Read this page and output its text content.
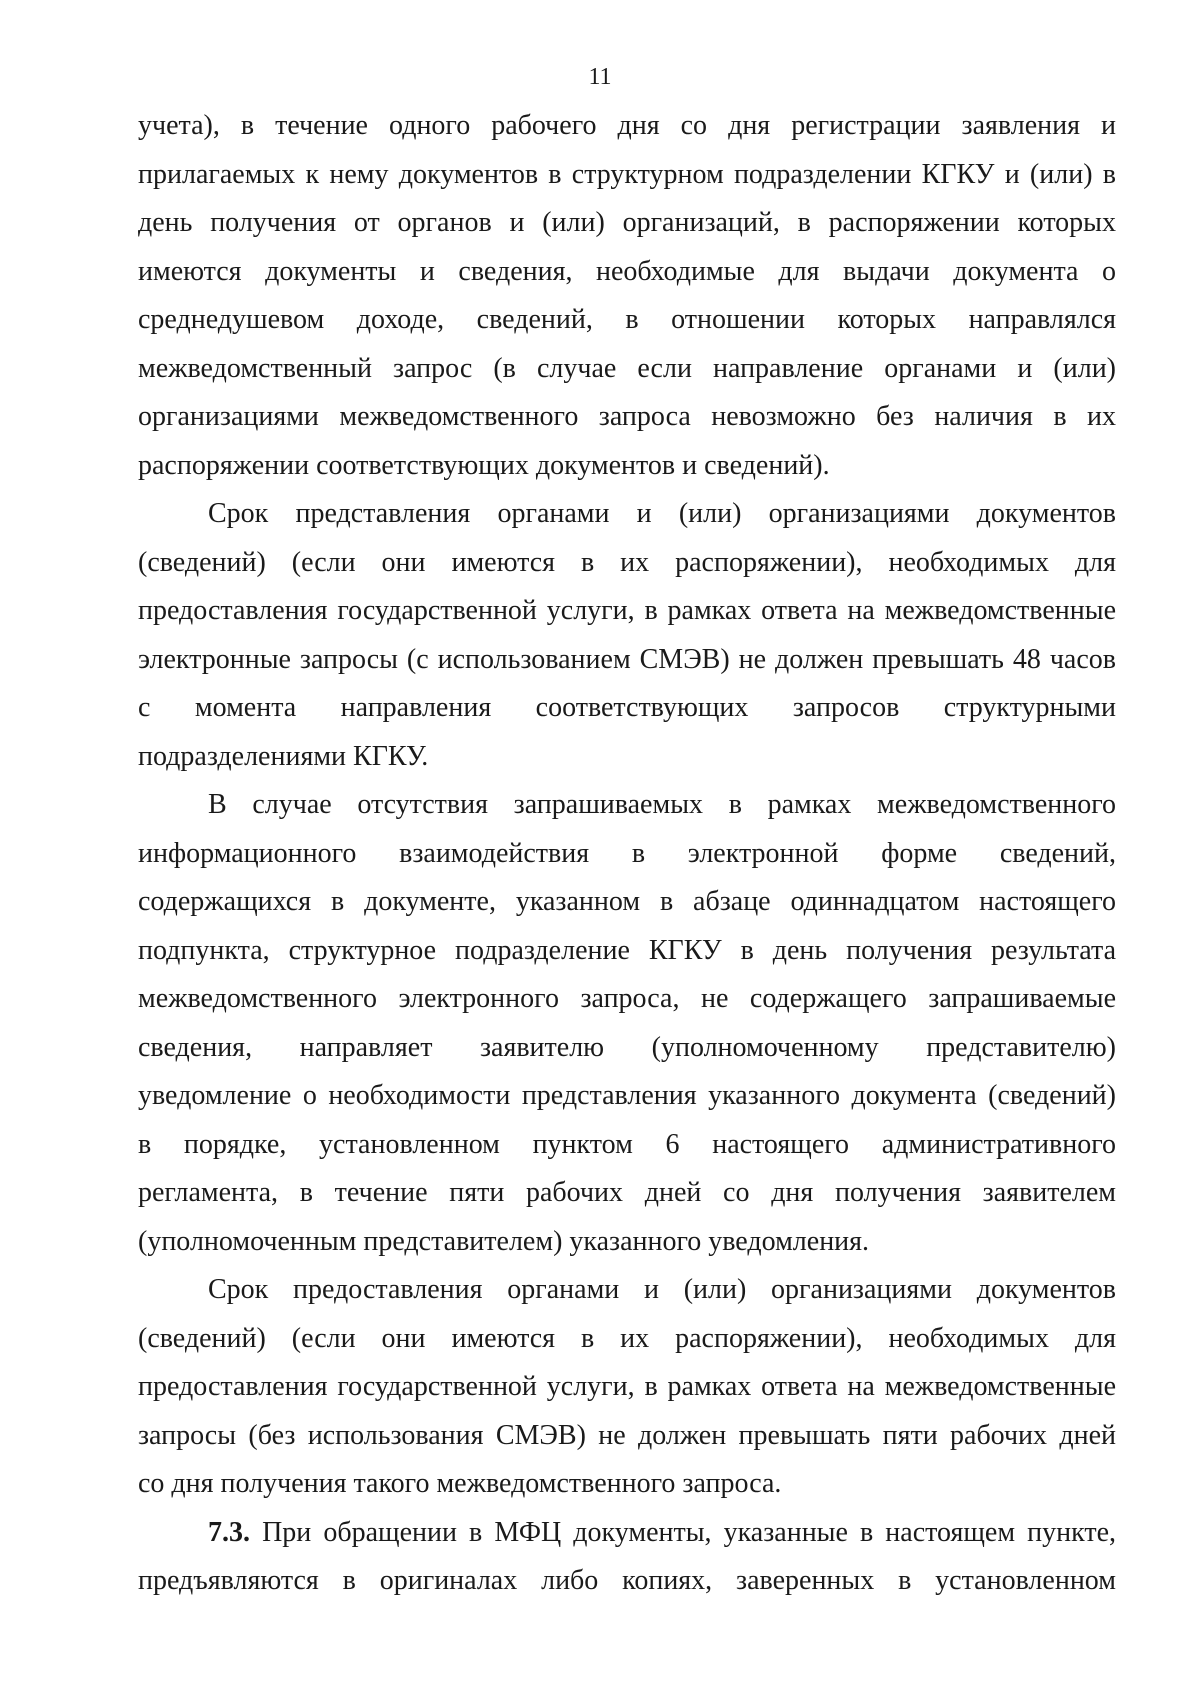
11
учета), в течение одного рабочего дня со дня регистрации заявления и
прилагаемых к нему документов в структурном подразделении КГКУ и (или) в
день получения от органов и (или) организаций, в распоряжении которых
имеются документы и сведения, необходимые для выдачи документа о
среднедушевом доходе, сведений, в отношении которых направлялся
межведомственный запрос (в случае если направление органами и (или)
организациями межведомственного запроса невозможно без наличия в их
распоряжении соответствующих документов и сведений).
Срок представления органами и (или) организациями документов
(сведений) (если они имеются в их распоряжении), необходимых для
предоставления государственной услуги, в рамках ответа на межведомственные
электронные запросы (с использованием СМЭВ) не должен превышать 48 часов
с момента направления соответствующих запросов структурными
подразделениями КГКУ.
В случае отсутствия запрашиваемых в рамках межведомственного
информационного взаимодействия в электронной форме сведений,
содержащихся в документе, указанном в абзаце одиннадцатом настоящего
подпункта, структурное подразделение КГКУ в день получения результата
межведомственного электронного запроса, не содержащего запрашиваемые
сведения, направляет заявителю (уполномоченному представителю)
уведомление о необходимости представления указанного документа (сведений)
в порядке, установленном пунктом 6 настоящего административного
регламента, в течение пяти рабочих дней со дня получения заявителем
(уполномоченным представителем) указанного уведомления.
Срок предоставления органами и (или) организациями документов
(сведений) (если они имеются в их распоряжении), необходимых для
предоставления государственной услуги, в рамках ответа на межведомственные
запросы (без использования СМЭВ) не должен превышать пяти рабочих дней
со дня получения такого межведомственного запроса.
7.3. При обращении в МФЦ документы, указанные в настоящем пункте,
предъявляются в оригиналах либо копиях, заверенных в установленном
